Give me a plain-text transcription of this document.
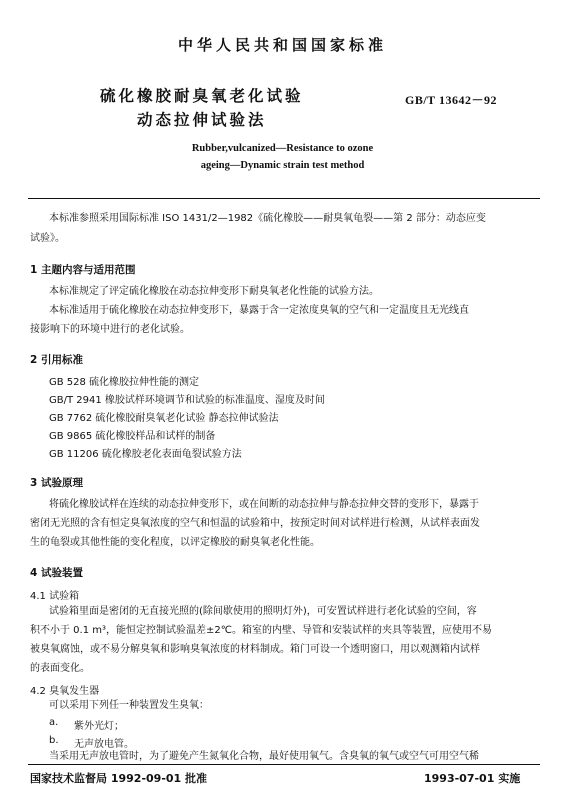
中华人民共和国国家标准
硫化橡胶耐臭氧老化试验
动态拉伸试验法
GB/T 13642－92
Rubber,vulcanized—Resistance to ozone
ageing—Dynamic strain test method
本标准参照采用国际标准 ISO 1431/2—1982《硫化橡胶——耐臭氧龟裂——第 2 部分：动态应变
试验》。
1 主题内容与适用范围
本标准规定了评定硫化橡胶在动态拉伸变形下耐臭氧老化性能的试验方法。
本标准适用于硫化橡胶在动态拉伸变形下，暴露于含一定浓度臭氧的空气和一定温度且无光线直
接影响下的环境中进行的老化试验。
2 引用标准
GB 528 硫化橡胶拉伸性能的测定
GB/T 2941 橡胶试样环境调节和试验的标准温度、湿度及时间
GB 7762 硫化橡胶耐臭氧老化试验 静态拉伸试验法
GB 9865 硫化橡胶样品和试样的制备
GB 11206 硫化橡胶老化表面龟裂试验方法
3 试验原理
将硫化橡胶试样在连续的动态拉伸变形下，或在间断的动态拉伸与静态拉伸交替的变形下，暴露于
密闭无光照的含有恒定臭氧浓度的空气和恒温的试验箱中，按预定时间对试样进行检测，从试样表面发
生的龟裂或其他性能的变化程度，以评定橡胶的耐臭氧老化性能。
4 试验装置
4.1 试验箱
试验箱里面是密闭的无直接光照的(除间歇使用的照明灯外)，可安置试样进行老化试验的空间，容
积不小于 0.1 m³，能恒定控制试验温差±2℃。箱室的内壁、导管和安装试样的夹具等装置，应使用不易
被臭氧腐蚀，或不易分解臭氧和影响臭氧浓度的材料制成。箱门可设一个透明窗口，用以观测箱内试样
的表面变化。
4.2 臭氧发生器
可以采用下列任一种装置发生臭氧：
a. 紫外光灯；
b. 无声放电管。
当采用无声放电管时，为了避免产生氮氧化合物，最好使用氧气。含臭氧的氧气或空气可用空气稀
国家技术监督局 1992-09-01 批准	1993-07-01 实施
